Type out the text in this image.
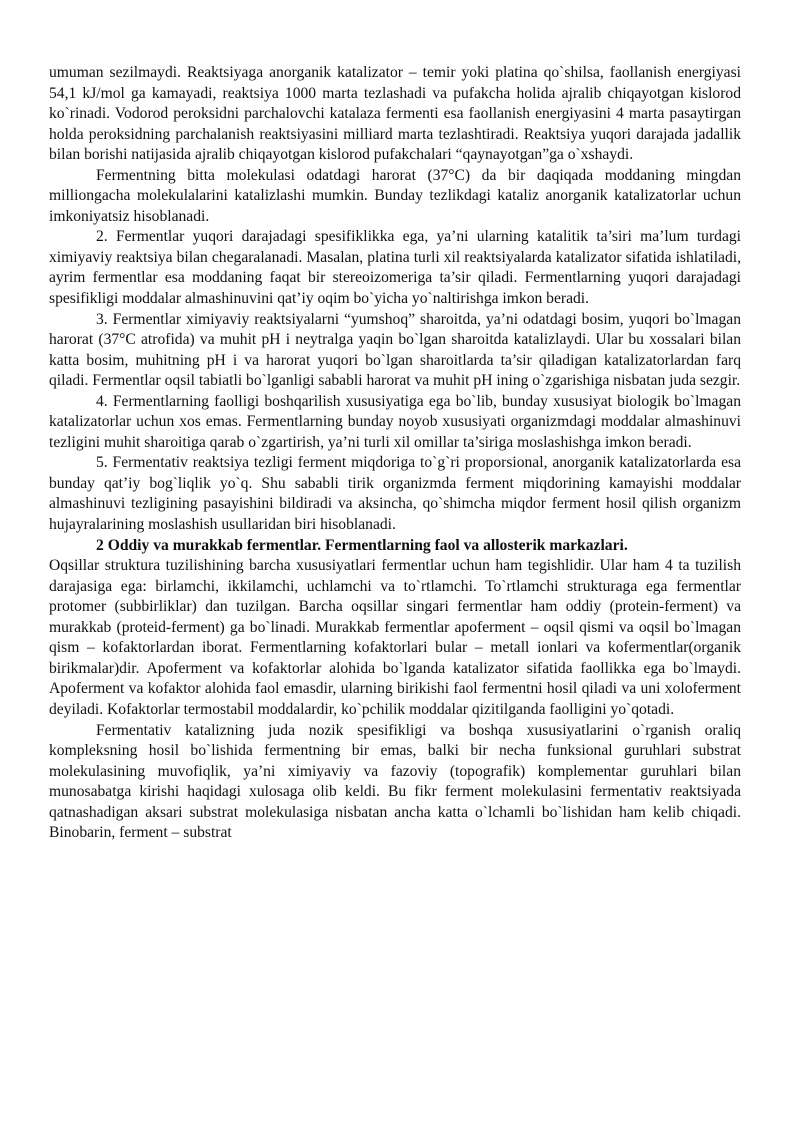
umuman sezilmaydi. Reaktsiyaga anorganik katalizator – temir yoki platina qo`shilsa, faollanish energiyasi 54,1 kJ/mol ga kamayadi, reaktsiya 1000 marta tezlashadi va pufakcha holida ajralib chiqayotgan kislorod ko`rinadi. Vodorod peroksidni parchalovchi katalaza fermenti esa faollanish energiyasini 4 marta pasaytirgan holda peroksidning parchalanish reaktsiyasini milliard marta tezlashtiradi. Reaktsiya yuqori darajada jadallik bilan borishi natijasida ajralib chiqayotgan kislorod pufakchalari “qaynayotgan”ga o`xshaydi.

Fermentning bitta molekulasi odatdagi harorat (37°C) da bir daqiqada moddaning mingdan milliongacha molekulalarini katalizlashi mumkin. Bunday tezlikdagi kataliz anorganik katalizatorlar uchun imkoniyatsiz hisoblanadi.

2. Fermentlar yuqori darajadagi spesifiklikka ega, ya’ni ularning katalitik ta’siri ma’lum turdagi ximiyaviy reaktsiya bilan chegaralanadi. Masalan, platina turli xil reaktsiyalarda katalizator sifatida ishlatiladi, ayrim fermentlar esa moddaning faqat bir stereoizomeriga ta’sir qiladi. Fermentlarning yuqori darajadagi spesifikligi moddalar almashinuvini qat’iy oqim bo`yicha yo`naltirishga imkon beradi.

3. Fermentlar ximiyaviy reaktsiyalarni “yumshoq” sharoitda, ya’ni odatdagi bosim, yuqori bo`lmagan harorat (37°C atrofida) va muhit pH i neytralga yaqin bo`lgan sharoitda katalizlaydi. Ular bu xossalari bilan katta bosim, muhitning pH i va harorat yuqori bo`lgan sharoitlarda ta’sir qiladigan katalizatorlardan farq qiladi. Fermentlar oqsil tabiatli bo`lganligi sababli harorat va muhit pH ining o`zgarishiga nisbatan juda sezgir.

4. Fermentlarning faolligi boshqarilish xususiyatiga ega bo`lib, bunday xususiyat biologik bo`lmagan katalizatorlar uchun xos emas. Fermentlarning bunday noyob xususiyati organizmdagi moddalar almashinuvi tezligini muhit sharoitiga qarab o`zgartirish, ya’ni turli xil omillar ta’siriga moslashishga imkon beradi.

5. Fermentativ reaktsiya tezligi ferment miqdoriga to`g`ri proporsional, anorganik katalizatorlarda esa bunday qat’iy bog`liqlik yo`q. Shu sababli tirik organizmda ferment miqdorining kamayishi moddalar almashinuvi tezligining pasayishini bildiradi va aksincha, qo`shimcha miqdor ferment hosil qilish organizm hujayralarining moslashish usullaridan biri hisoblanadi.

2 Oddiy va murakkab fermentlar. Fermentlarning faol va allosterik markazlari.

Oqsillar struktura tuzilishining barcha xususiyatlari fermentlar uchun ham tegishlidir. Ular ham 4 ta tuzilish darajasiga ega: birlamchi, ikkilamchi, uchlamchi va to`rtlamchi. To`rtlamchi strukturaga ega fermentlar protomer (subbirliklar) dan tuzilgan. Barcha oqsillar singari fermentlar ham oddiy (protein-ferment) va murakkab (proteid-ferment) ga bo`linadi. Murakkab fermentlar apoferment – oqsil qismi va oqsil bo`lmagan qism – kofaktorlardan iborat. Fermentlarning kofaktorlari bular – metall ionlari va kofermentlar(organik birikmalar)dir. Apoferment va kofaktorlar alohida bo`lganda katalizator sifatida faollikka ega bo`lmaydi. Apoferment va kofaktor alohida faol emasdir, ularning birikishi faol fermentni hosil qiladi va uni xoloferment deyiladi. Kofaktorlar termostabil moddalardir, ko`pchilik moddalar qizitilganda faolligini yo`qotadi.

Fermentativ katalizning juda nozik spesifikligi va boshqa xususiyatlarini o`rganish oraliq kompleksning hosil bo`lishida fermentning bir emas, balki bir necha funksional guruhlari substrat molekulasining muvofiqlik, ya’ni ximiyaviy va fazoviy (topografik) komplementar guruhlari bilan munosabatga kirishi haqidagi xulosaga olib keldi. Bu fikr ferment molekulasini fermentativ reaktsiyada qatnashadigan aksari substrat molekulasiga nisbatan ancha katta o`lchamli bo`lishidan ham kelib chiqadi. Binobarin, ferment – substrat
